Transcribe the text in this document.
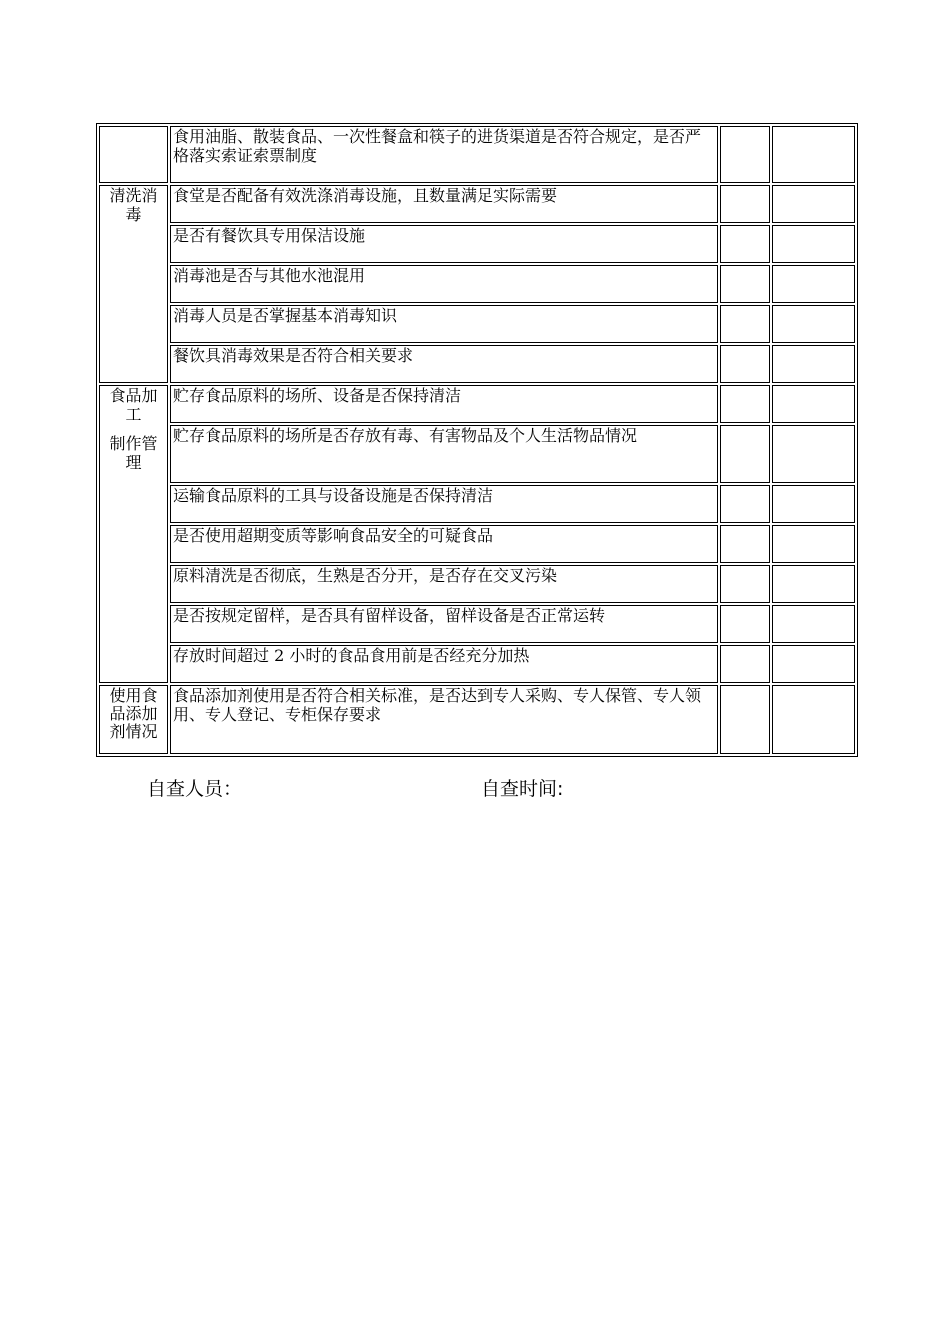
	食用油脂、散装食品、一次性餐盒和筷子的进货渠道是否符合规定，是否严格落实索证索票制度		
清洗消毒	食堂是否配备有效洗涤消毒设施，且数量满足实际需要		
	是否有餐饮具专用保洁设施		
	消毒池是否与其他水池混用		
	消毒人员是否掌握基本消毒知识		
	餐饮具消毒效果是否符合相关要求		
食品加工
制作管理	贮存食品原料的场所、设备是否保持清洁		
	贮存食品原料的场所是否存放有毒、有害物品及个人生活物品情况		
	运输食品原料的工具与设备设施是否保持清洁		
	是否使用超期变质等影响食品安全的可疑食品		
	原料清洗是否彻底，生熟是否分开，是否存在交叉污染		
	是否按规定留样，是否具有留样设备，留样设备是否正常运转		
	存放时间超过 2 小时的食品食用前是否经充分加热		
使用食品添加剂情况	食品添加剂使用是否符合相关标准，是否达到专人采购、专人保管、专人领用、专人登记、专柜保存要求		
自查人员：	自查时间:
